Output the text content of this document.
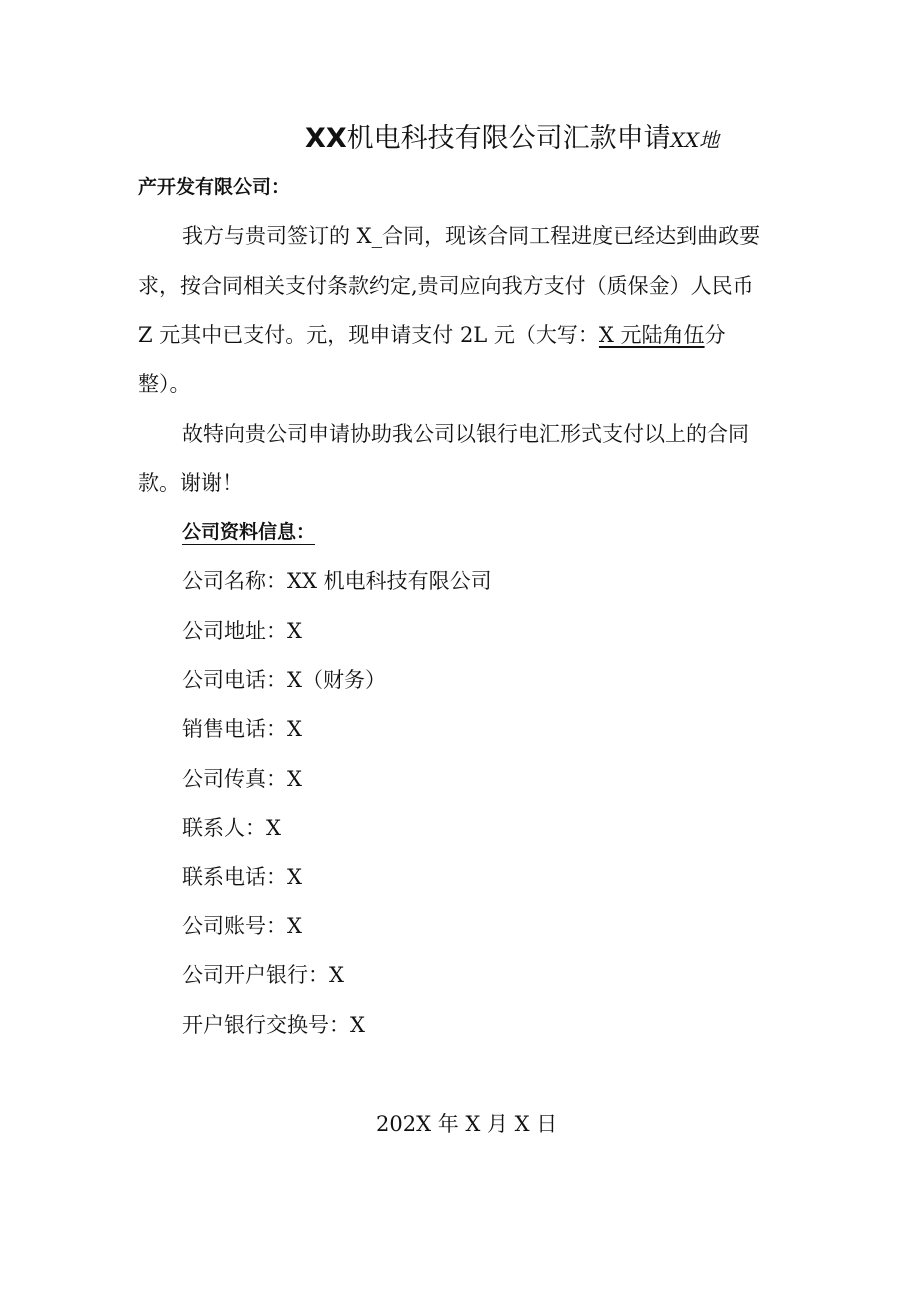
XX机电科技有限公司汇款申请XX地
产开发有限公司：
我方与贵司签订的 X_合同，现该合同工程进度已经达到曲政要
求，按合同相关支付条款约定,贵司应向我方支付（质保金）人民币
Z 元其中已支付。元，现申请支付 2L 元（大写：X 元陆角伍分
整）。
故特向贵公司申请协助我公司以银行电汇形式支付以上的合同
款。谢谢！
公司资料信息：
公司名称：XX 机电科技有限公司
公司地址：X
公司电话：X（财务）
销售电话：X
公司传真：X
联系人：X
联系电话：X
公司账号：X
公司开户银行：X
开户银行交换号：X
202X 年 X 月 X 日
